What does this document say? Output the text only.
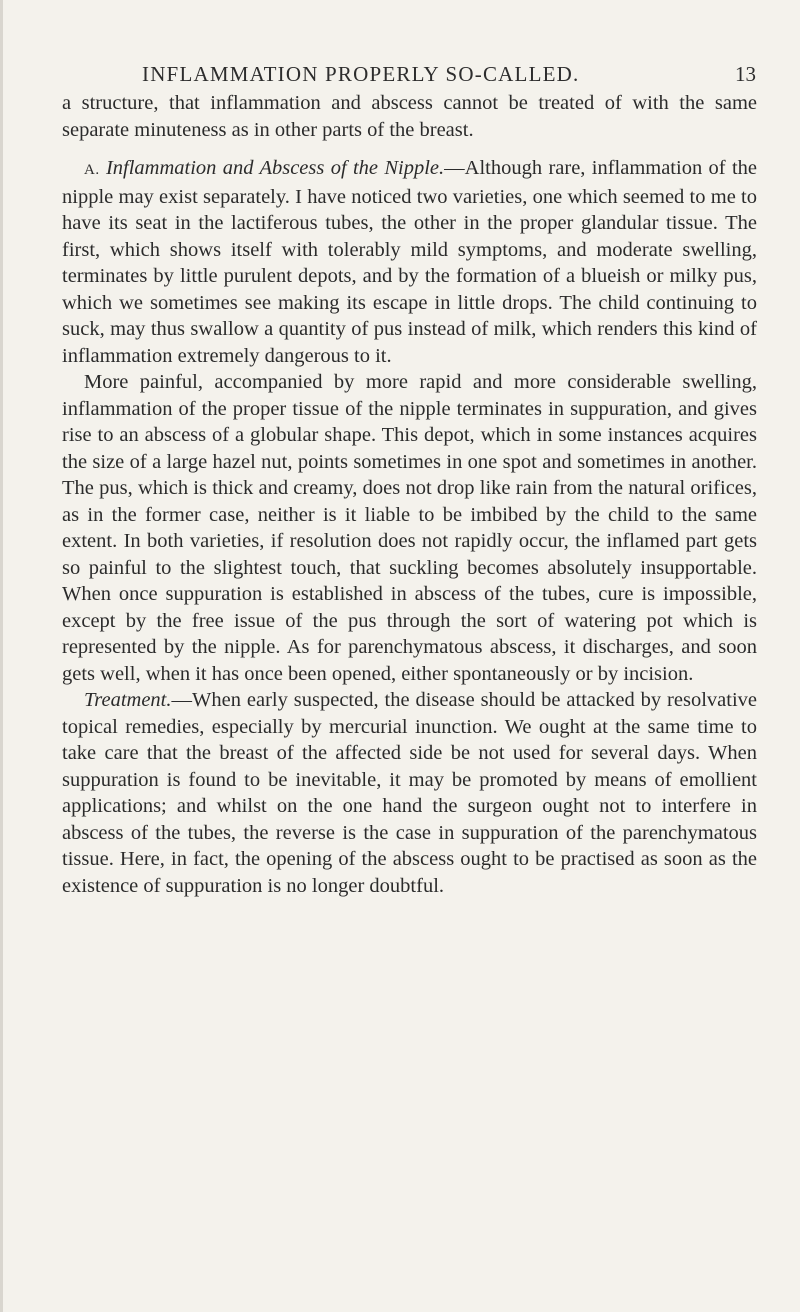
INFLAMMATION PROPERLY SO-CALLED.	13

a structure, that inflammation and abscess cannot be treated of with the same separate minuteness as in other parts of the breast.

A. Inflammation and Abscess of the Nipple.—Although rare, inflammation of the nipple may exist separately. I have noticed two varieties, one which seemed to me to have its seat in the lactiferous tubes, the other in the proper glandular tissue. The first, which shows itself with tolerably mild symptoms, and moderate swelling, terminates by little purulent depots, and by the formation of a blueish or milky pus, which we sometimes see making its escape in little drops. The child continuing to suck, may thus swallow a quantity of pus instead of milk, which renders this kind of inflammation extremely dangerous to it.

More painful, accompanied by more rapid and more considerable swelling, inflammation of the proper tissue of the nipple terminates in suppuration, and gives rise to an abscess of a globular shape. This depot, which in some instances acquires the size of a large hazel nut, points sometimes in one spot and sometimes in another. The pus, which is thick and creamy, does not drop like rain from the natural orifices, as in the former case, neither is it liable to be imbibed by the child to the same extent. In both varieties, if resolution does not rapidly occur, the inflamed part gets so painful to the slightest touch, that suckling becomes absolutely insupportable. When once suppuration is established in abscess of the tubes, cure is impossible, except by the free issue of the pus through the sort of watering pot which is represented by the nipple. As for parenchymatous abscess, it discharges, and soon gets well, when it has once been opened, either spontaneously or by incision.

Treatment.—When early suspected, the disease should be attacked by resolvative topical remedies, especially by mercurial inunction. We ought at the same time to take care that the breast of the affected side be not used for several days. When suppuration is found to be inevitable, it may be promoted by means of emollient applications; and whilst on the one hand the surgeon ought not to interfere in abscess of the tubes, the reverse is the case in suppuration of the parenchymatous tissue. Here, in fact, the opening of the abscess ought to be practised as soon as the existence of suppuration is no longer doubtful.
